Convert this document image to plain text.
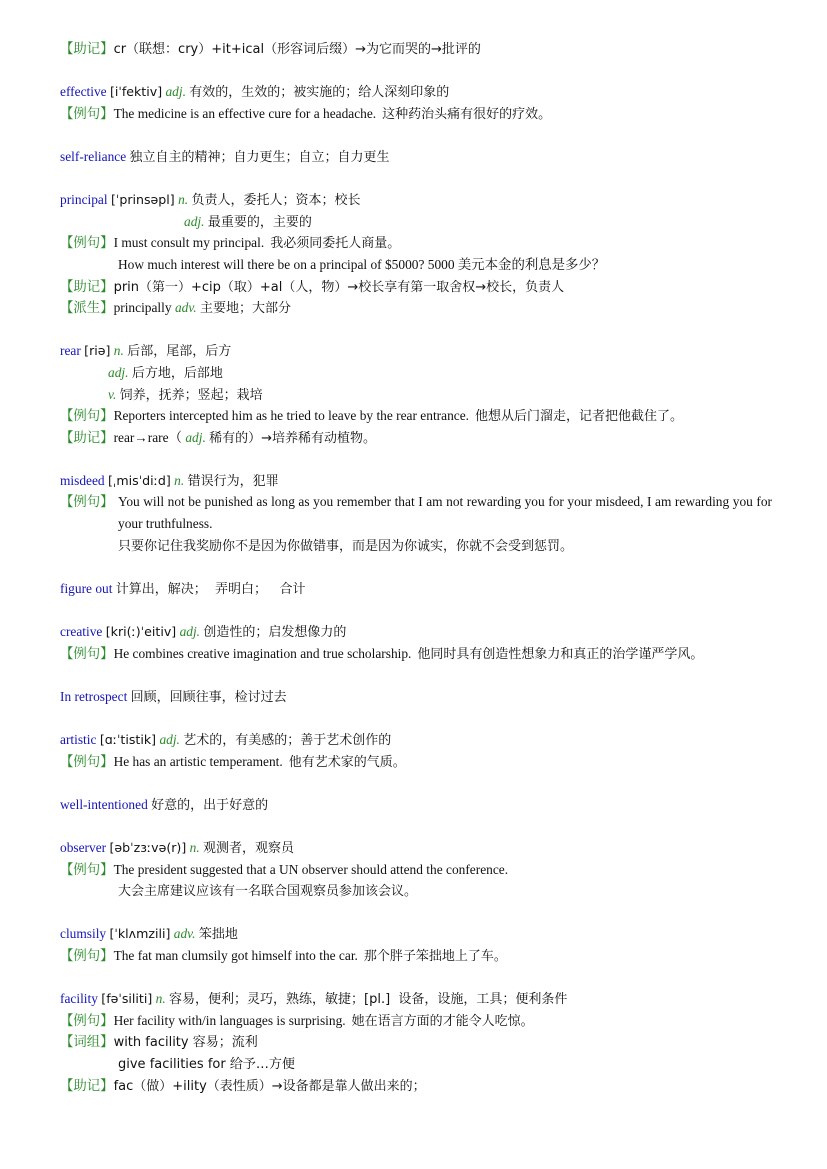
【助记】cr（联想：cry）+it+ical（形容词后缀）→为它而哭的→批评的
effective [iˈfektiv] adj. 有效的，生效的；被实施的；给人深刻印象的
【例句】The medicine is an effective cure for a headache. 这种药治头痛有很好的疗效。
self-reliance 独立自主的精神；自力更生；自立；自力更生
principal [ˈprinsəpl] n. 负责人，委托人；资本；校长
adj. 最重要的，主要的
【例句】I must consult my principal. 我必须同委托人商量。
How much interest will there be on a principal of $5000? 5000 美元本金的利息是多少？
【助记】prin（第一）+cip（取）+al（人，物）→校长享有第一取舍权→校长，负责人
【派生】principally adv. 主要地；大部分
rear [riə] n. 后部，尾部，后方
adj. 后方地，后部地
v. 饲养，抚养；竖起；栽培
【例句】Reporters intercepted him as he tried to leave by the rear entrance. 他想从后门溜走，记者把他截住了。
【助记】rear→rare（ adj. 稀有的）→培养稀有动植物。
misdeed [ˌmisˈdiːd] n. 错误行为，犯罪
【例句】 You will not be punished as long as you remember that I am not rewarding you for your misdeed, I am rewarding you for your truthfulness.
只要你记住我奖励你不是因为你做错事，而是因为你诚实，你就不会受到惩罚。
figure out 计算出，解决；  弄明白；   合计
creative [kri(ː)ˈeitiv] adj. 创造性的；启发想像力的
【例句】He combines creative imagination and true scholarship. 他同时具有创造性想象力和真正的治学谨严学风。
In retrospect 回顾，回顾往事，检讨过去
artistic [ɑːˈtistik] adj. 艺术的，有美感的；善于艺术创作的
【例句】He has an artistic temperament. 他有艺术家的气质。
well-intentioned 好意的，出于好意的
observer [əbˈzɜːvə(r)] n. 观测者，观察员
【例句】The president suggested that a UN observer should attend the conference.
大会主席建议应该有一名联合国观察员参加该会议。
clumsily [ˈklʌmzili] adv. 笨拙地
【例句】The fat man clumsily got himself into the car. 那个胖子笨拙地上了车。
facility [fəˈsiliti] n. 容易，便利；灵巧，熟练，敏捷；[pl.]  设备，设施，工具；便利条件
【例句】Her facility with/in languages is surprising. 她在语言方面的才能令人吃惊。
【词组】with facility 容易；流利
give facilities for 给予…方便
【助记】fac（做）+ility（表性质）→设备都是靠人做出来的；
